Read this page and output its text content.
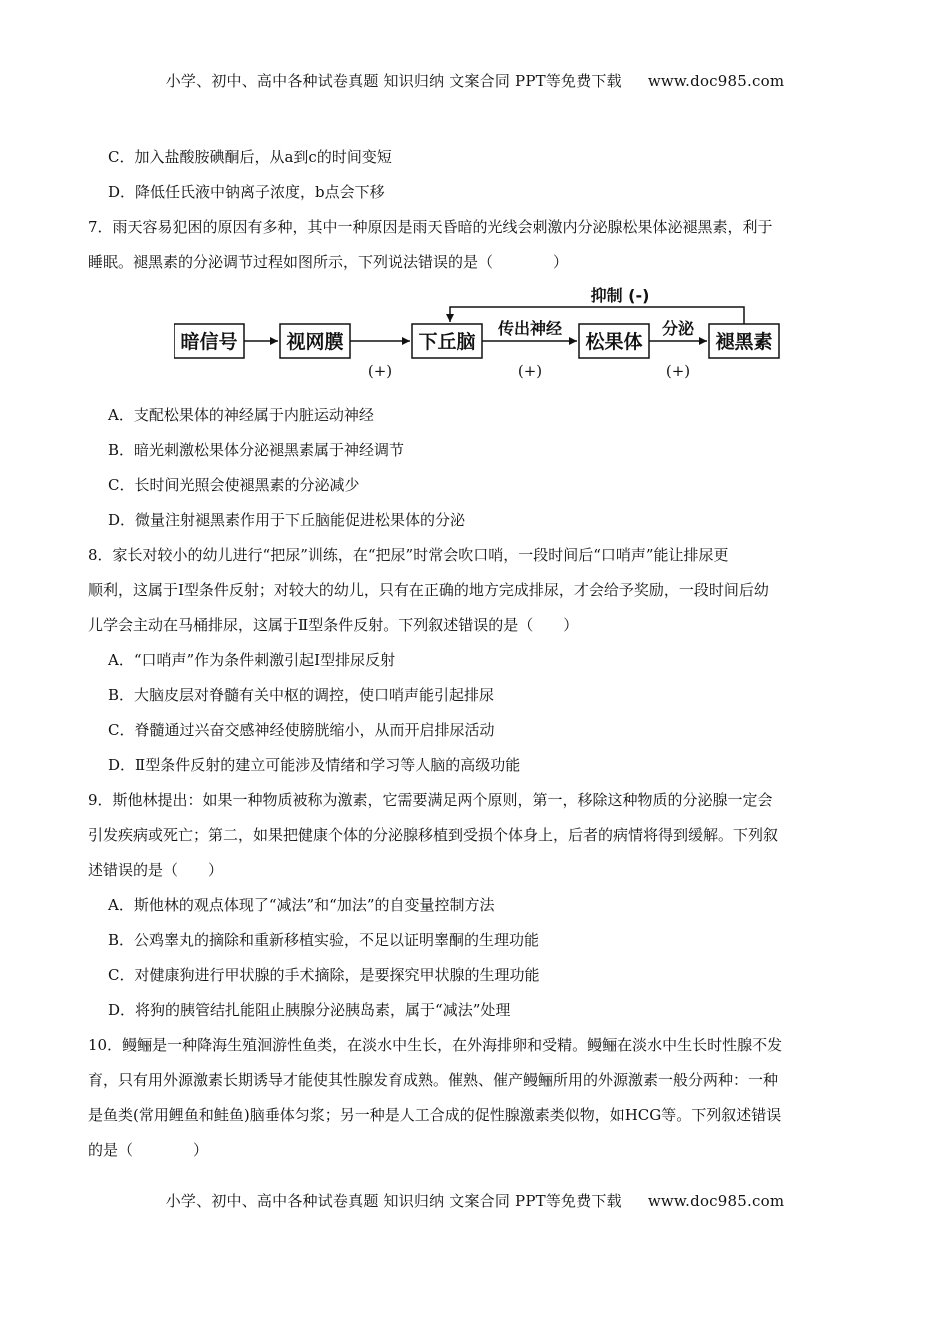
小学、初中、高中各种试卷真题 知识归纳 文案合同 PPT等免费下载 www.doc985.com
C．加入盐酸胺碘酮后，从a到c的时间变短
D．降低任氏液中钠离子浓度，b点会下移
7．雨天容易犯困的原因有多种，其中一种原因是雨天昏暗的光线会刺激内分泌腺松果体泌褪黑素，利于
睡眠。褪黑素的分泌调节过程如图所示，下列说法错误的是（　　　　）
暗信号	视网膜	下丘脑	松果体	褪黑素
抑制 (-)
传出神经	分泌
(+)	(+)	(+)
A．支配松果体的神经属于内脏运动神经
B．暗光刺激松果体分泌褪黑素属于神经调节
C．长时间光照会使褪黑素的分泌减少
D．微量注射褪黑素作用于下丘脑能促进松果体的分泌
8．家长对较小的幼儿进行“把尿”训练，在“把尿”时常会吹口哨，一段时间后“口哨声”能让排尿更
顺利，这属于Ⅰ型条件反射；对较大的幼儿，只有在正确的地方完成排尿，才会给予奖励，一段时间后幼
儿学会主动在马桶排尿，这属于Ⅱ型条件反射。下列叙述错误的是（　　）
A．“口哨声”作为条件刺激引起Ⅰ型排尿反射
B．大脑皮层对脊髓有关中枢的调控，使口哨声能引起排尿
C．脊髓通过兴奋交感神经使膀胱缩小，从而开启排尿活动
D．Ⅱ型条件反射的建立可能涉及情绪和学习等人脑的高级功能
9．斯他林提出：如果一种物质被称为激素，它需要满足两个原则，第一，移除这种物质的分泌腺一定会
引发疾病或死亡；第二，如果把健康个体的分泌腺移植到受损个体身上，后者的病情将得到缓解。下列叙
述错误的是（　　）
A．斯他林的观点体现了“减法”和“加法”的自变量控制方法
B．公鸡睾丸的摘除和重新移植实验，不足以证明睾酮的生理功能
C．对健康狗进行甲状腺的手术摘除，是要探究甲状腺的生理功能
D．将狗的胰管结扎能阻止胰腺分泌胰岛素，属于“减法”处理
10．鳗鲡是一种降海生殖洄游性鱼类，在淡水中生长，在外海排卵和受精。鳗鲡在淡水中生长时性腺不发
育，只有用外源激素长期诱导才能使其性腺发育成熟。催熟、催产鳗鲡所用的外源激素一般分两种：一种
是鱼类(常用鲤鱼和鲑鱼)脑垂体匀浆；另一种是人工合成的促性腺激素类似物，如HCG等。下列叙述错误
的是（　　　　）
小学、初中、高中各种试卷真题 知识归纳 文案合同 PPT等免费下载 www.doc985.com
